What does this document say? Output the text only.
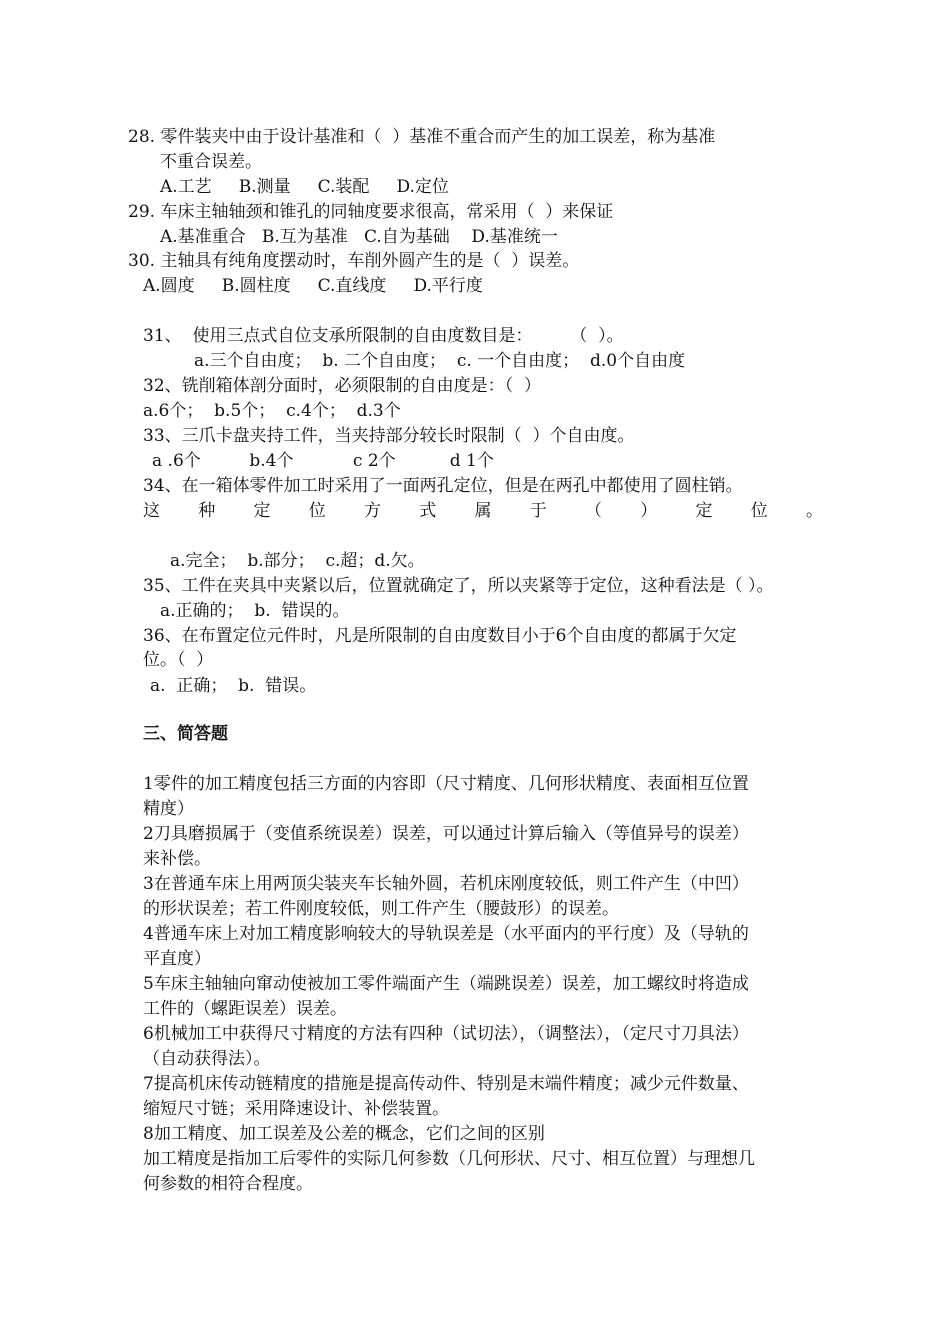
28. 零件装夹中由于设计基准和（  ）基准不重合而产生的加工误差，称为基准
不重合误差。
A.工艺     B.测量     C.装配     D.定位
29. 车床主轴轴颈和锥孔的同轴度要求很高，常采用（  ）来保证
A.基准重合   B.互为基准   C.自为基础    D.基准统一
30. 主轴具有纯角度摆动时，车削外圆产生的是（  ）误差。
A.圆度     B.圆柱度     C.直线度     D.平行度
31、  使用三点式自位支承所限制的自由度数目是：       （  ）。
a.三个自由度；  b. 二个自由度；  c. 一个自由度；  d.0个自由度
32、铣削箱体剖分面时，必须限制的自由度是：（  ）
a.6个；  b.5个；  c.4个；  d.3个
33、三爪卡盘夹持工件，当夹持部分较长时限制（  ）个自由度。
a .6个         b.4个           c 2个          d 1个
34、在一箱体零件加工时采用了一面两孔定位，但是在两孔中都使用了圆柱销。
这 种 定 位 方 式 属 于 （ ） 定 位 。
a.完全；  b.部分；  c.超；d.欠。
35、工件在夹具中夹紧以后，位置就确定了，所以夹紧等于定位，这种看法是（ ）。
a.正确的；  b.  错误的。
36、在布置定位元件时，凡是所限制的自由度数目小于6个自由度的都属于欠定
位。（  ）
a.  正确；  b.  错误。
三、简答题
1零件的加工精度包括三方面的内容即（尺寸精度、几何形状精度、表面相互位置
精度）
2刀具磨损属于（变值系统误差）误差，可以通过计算后输入（等值异号的误差）
来补偿。
3在普通车床上用两顶尖装夹车长轴外圆，若机床刚度较低，则工件产生（中凹）
的形状误差；若工件刚度较低，则工件产生（腰鼓形）的误差。
4普通车床上对加工精度影响较大的导轨误差是（水平面内的平行度）及（导轨的
平直度）
5车床主轴轴向窜动使被加工零件端面产生（端跳误差）误差，加工螺纹时将造成
工件的（螺距误差）误差。
6机械加工中获得尺寸精度的方法有四种（试切法），（调整法），（定尺寸刀具法）
（自动获得法）。
7提高机床传动链精度的措施是提高传动件、特别是末端件精度；减少元件数量、
缩短尺寸链；采用降速设计、补偿装置。
8加工精度、加工误差及公差的概念，它们之间的区别
加工精度是指加工后零件的实际几何参数（几何形状、尺寸、相互位置）与理想几
何参数的相符合程度。
